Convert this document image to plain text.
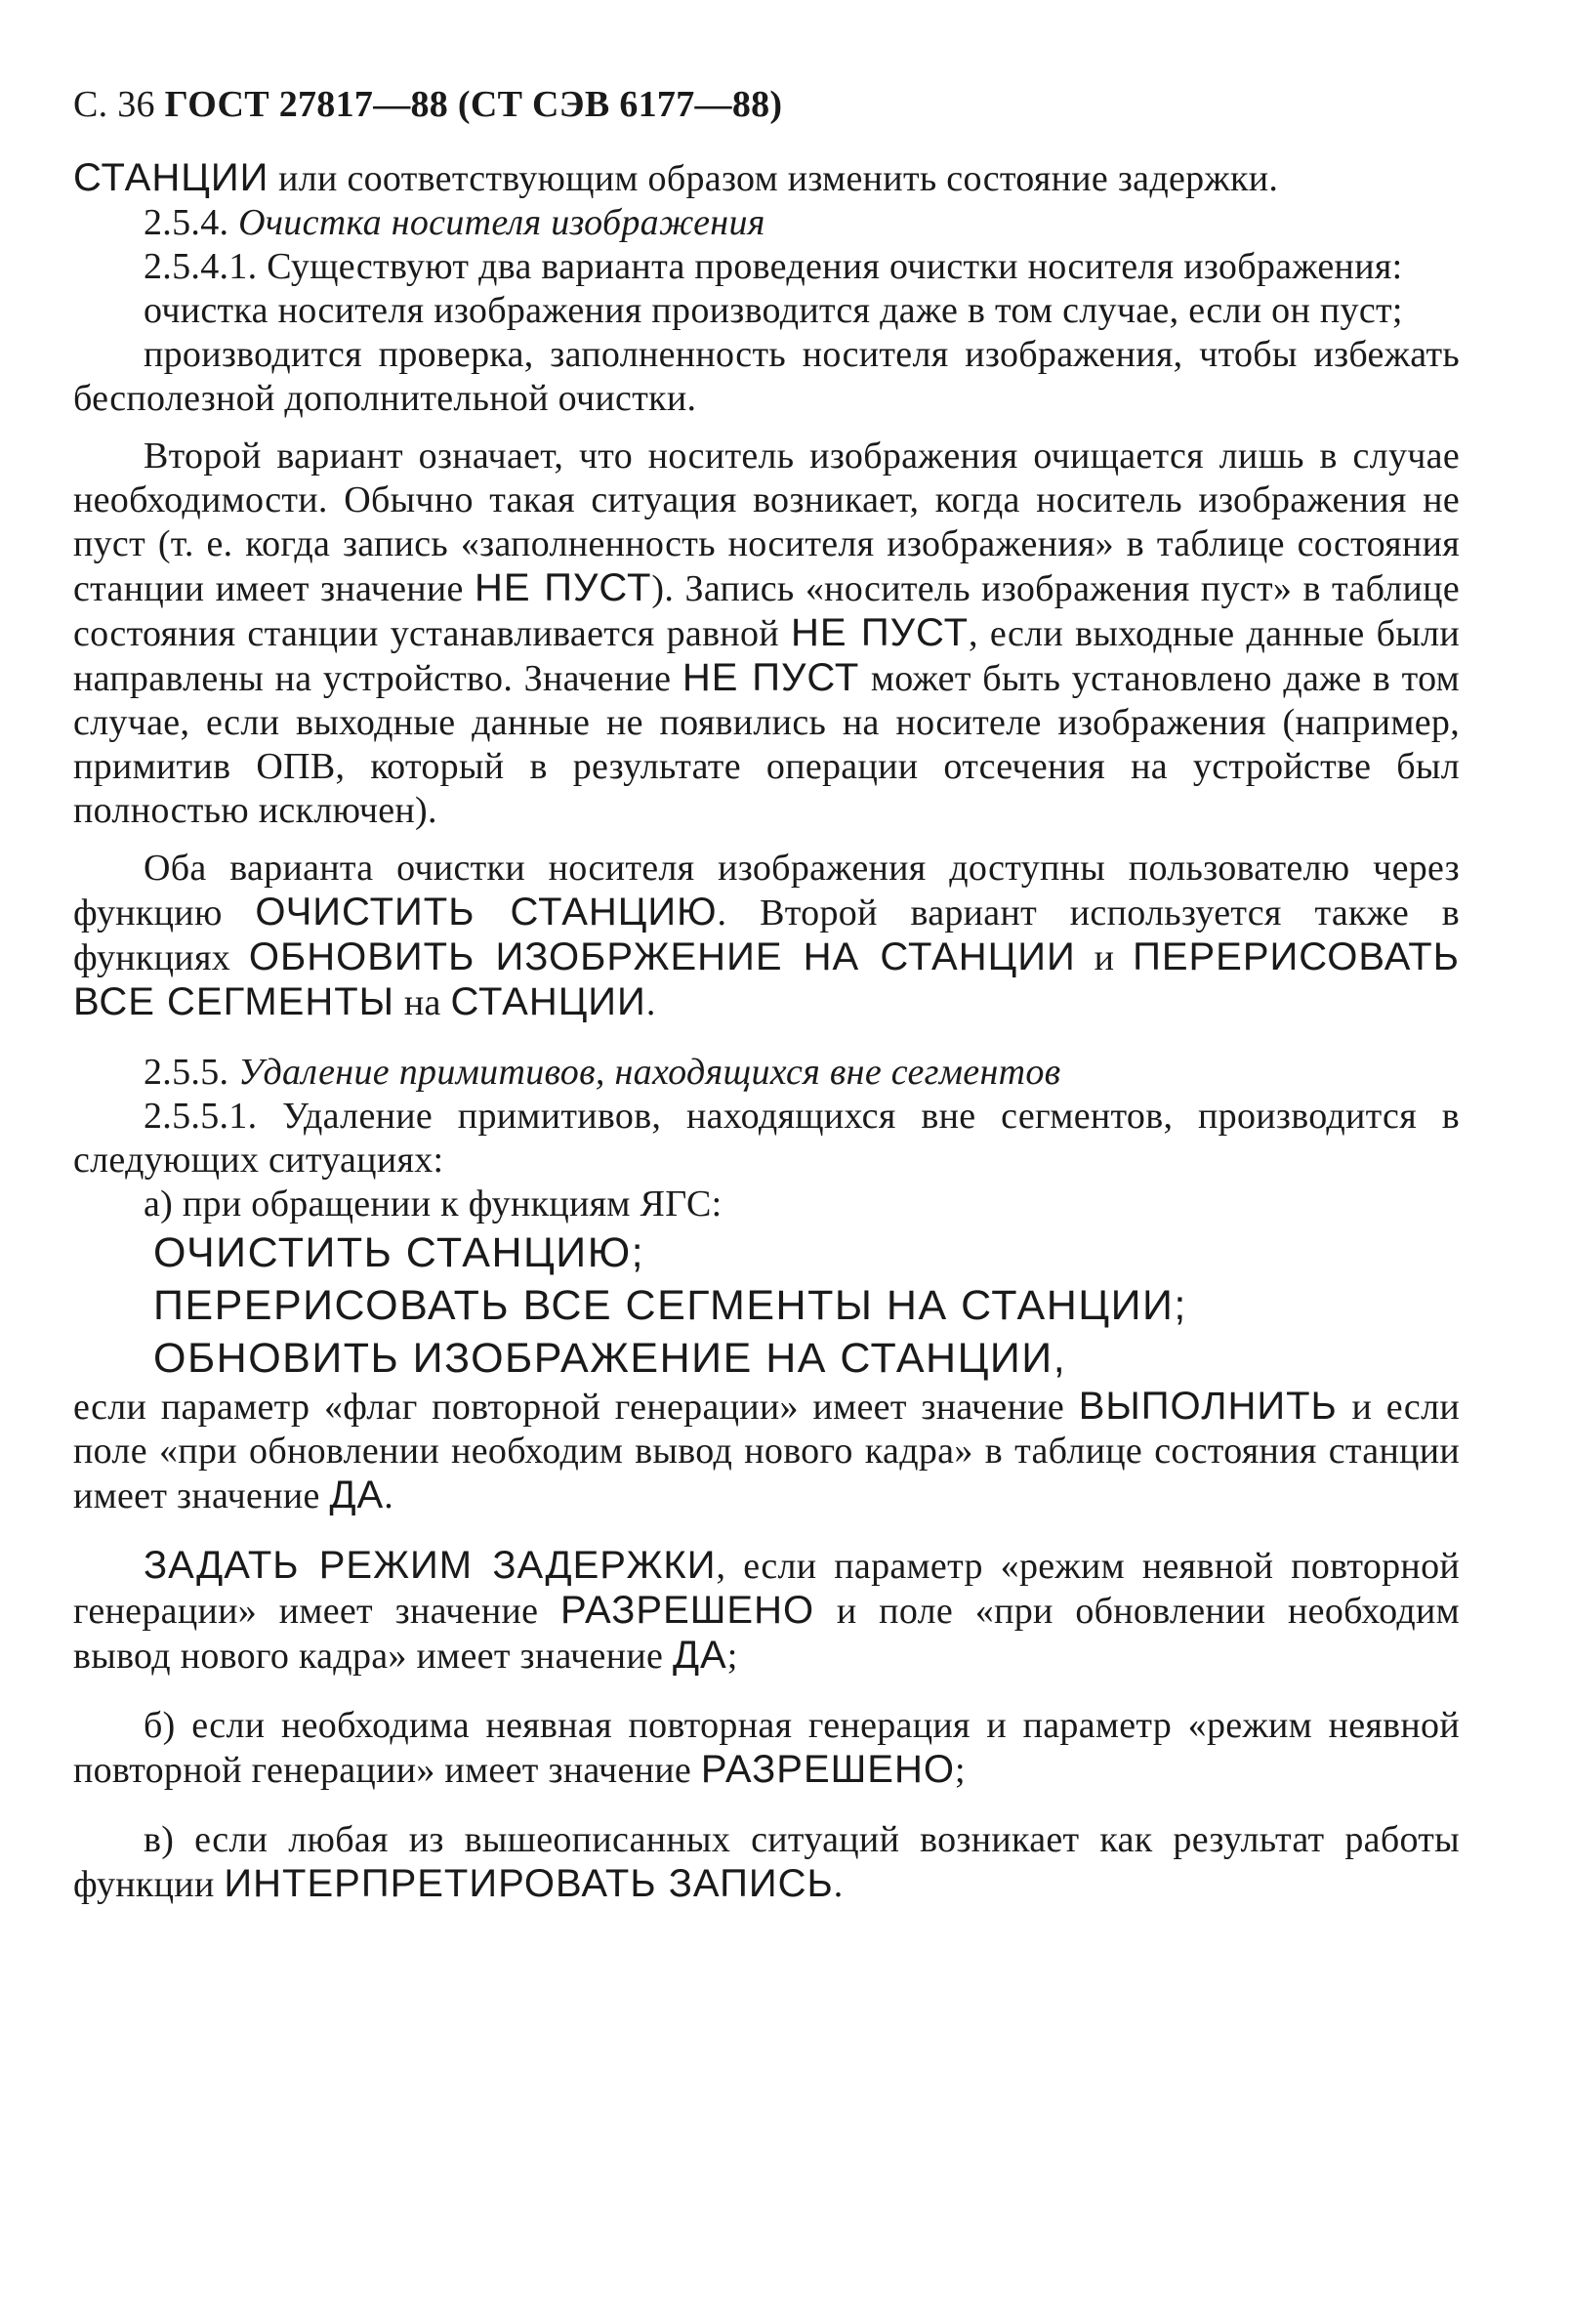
С. 36 ГОСТ 27817—88 (СТ СЭВ 6177—88)

СТАНЦИИ или соответствующим образом изменить состояние задержки.

2.5.4. Очистка носителя изображения

2.5.4.1. Существуют два варианта проведения очистки носителя изображения:

очистка носителя изображения производится даже в том случае, если он пуст;

производится проверка, заполненность носителя изображения, чтобы избежать бесполезной дополнительной очистки.

Второй вариант означает, что носитель изображения очищается лишь в случае необходимости. Обычно такая ситуация возникает, когда носитель изображения не пуст (т. е. когда запись «заполненность носителя изображения» в таблице состояния станции имеет значение НЕ ПУСТ). Запись «носитель изображения пуст» в таблице состояния станции устанавливается равной НЕ ПУСТ, если выходные данные были направлены на устройство. Значение НЕ ПУСТ может быть установлено даже в том случае, если выходные данные не появились на носителе изображения (например, примитив ОПВ, который в результате операции отсечения на устройстве был полностью исключен).

Оба варианта очистки носителя изображения доступны пользователю через функцию ОЧИСТИТЬ СТАНЦИЮ. Второй вариант используется также в функциях ОБНОВИТЬ ИЗОБРЖЕНИЕ НА СТАНЦИИ и ПЕРЕРИСОВАТЬ ВСЕ СЕГМЕНТЫ на СТАНЦИИ.

2.5.5. Удаление примитивов, находящихся вне сегментов

2.5.5.1. Удаление примитивов, находящихся вне сегментов, производится в следующих ситуациях:

а) при обращении к функциям ЯГС:

ОЧИСТИТЬ СТАНЦИЮ;
ПЕРЕРИСОВАТЬ ВСЕ СЕГМЕНТЫ НА СТАНЦИИ;
ОБНОВИТЬ ИЗОБРАЖЕНИЕ НА СТАНЦИИ,

если параметр «флаг повторной генерации» имеет значение ВЫПОЛНИТЬ и если поле «при обновлении необходим вывод нового кадра» в таблице состояния станции имеет значение ДА.

ЗАДАТЬ РЕЖИМ ЗАДЕРЖКИ, если параметр «режим неявной повторной генерации» имеет значение РАЗРЕШЕНО и поле «при обновлении необходим вывод нового кадра» имеет значение ДА;

б) если необходима неявная повторная генерация и параметр «режим неявной повторной генерации» имеет значение РАЗРЕШЕНО;

в) если любая из вышеописанных ситуаций возникает как результат работы функции ИНТЕРПРЕТИРОВАТЬ ЗАПИСЬ.
